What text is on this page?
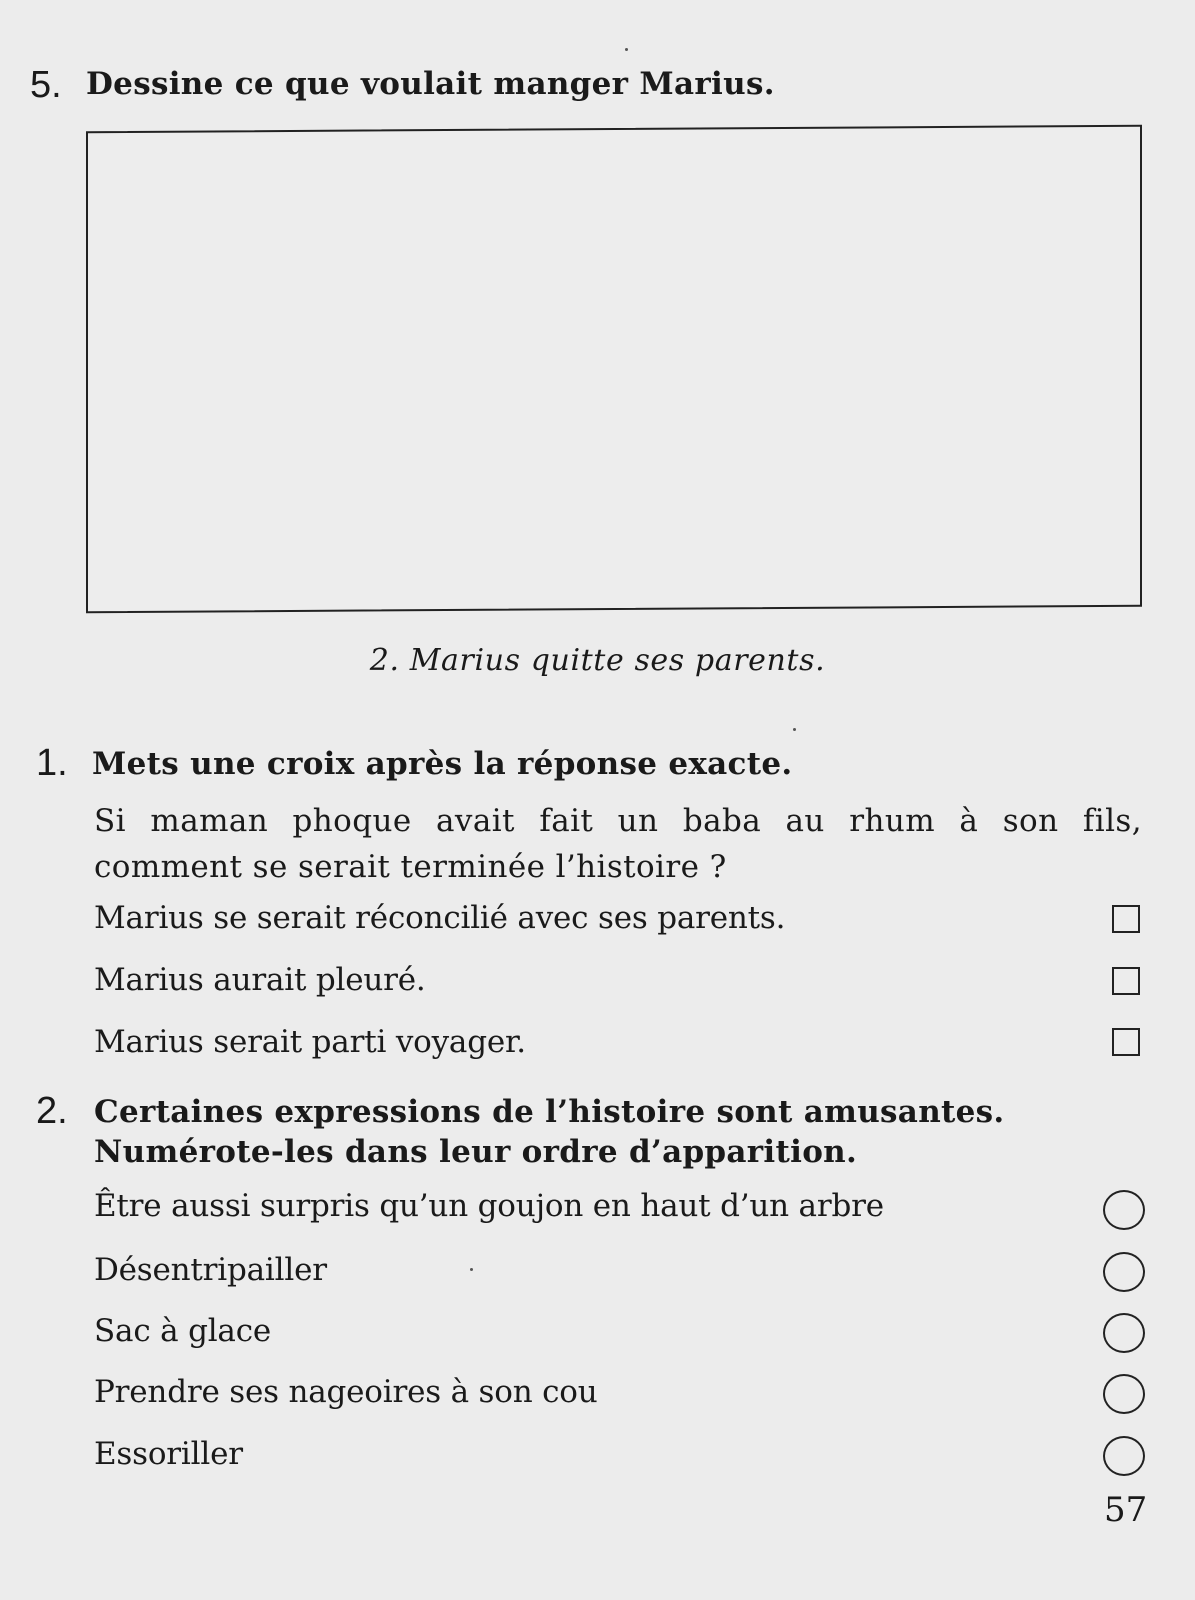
5. Dessine ce que voulait manger Marius.
2. Marius quitte ses parents.
1. Mets une croix après la réponse exacte.
Si maman phoque avait fait un baba au rhum à son fils,
comment se serait terminée l’histoire ?
Marius se serait réconcilié avec ses parents.
Marius aurait pleuré.
Marius serait parti voyager.
2. Certaines expressions de l’histoire sont amusantes.
Numérote-les dans leur ordre d’apparition.
Être aussi surpris qu’un goujon en haut d’un arbre
Désentripailler
Sac à glace
Prendre ses nageoires à son cou
Essoriller
57
